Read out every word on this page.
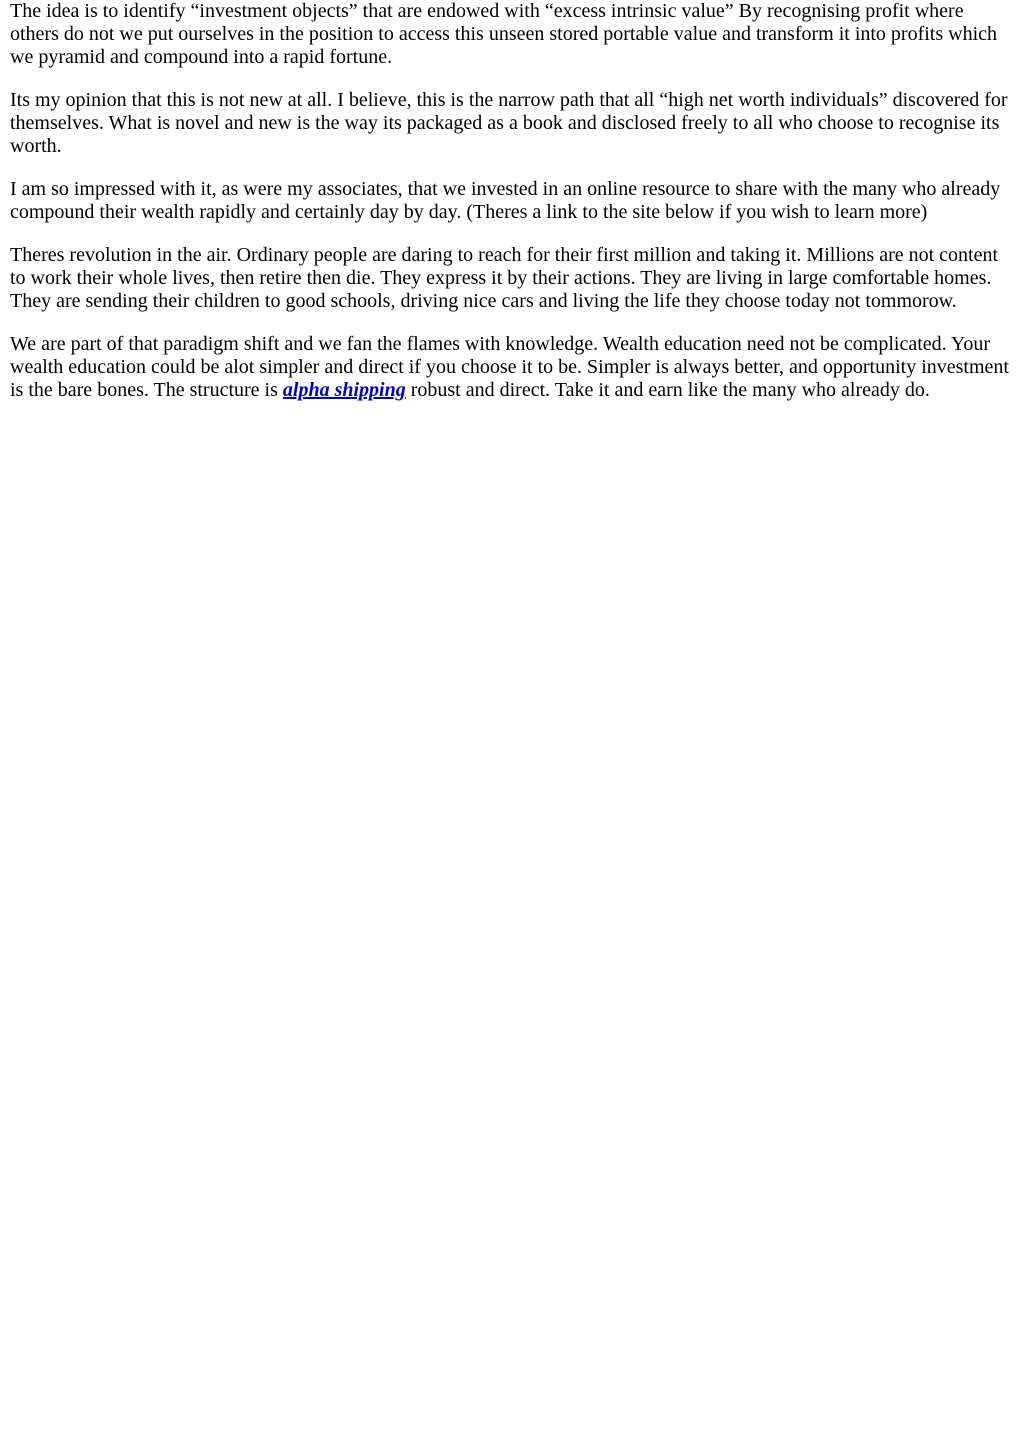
The idea is to identify “investment objects” that are endowed with “excess intrinsic value” By recognising profit where others do not we put ourselves in the position to access this unseen stored portable value and transform it into profits which we pyramid and compound into a rapid fortune.

Its my opinion that this is not new at all. I believe, this is the narrow path that all “high net worth individuals” discovered for themselves. What is novel and new is the way its packaged as a book and disclosed freely to all who choose to recognise its worth.

I am so impressed with it, as were my associates, that we invested in an online resource to share with the many who already compound their wealth rapidly and certainly day by day. (Theres a link to the site below if you wish to learn more)

Theres revolution in the air. Ordinary people are daring to reach for their first million and taking it. Millions are not content to work their whole lives, then retire then die. They express it by their actions. They are living in large comfortable homes. They are sending their children to good schools, driving nice cars and living the life they choose today not tommorow.

We are part of that paradigm shift and we fan the flames with knowledge. Wealth education need not be complicated. Your wealth education could be alot simpler and direct if you choose it to be. Simpler is always better, and opportunity investment is the bare bones. The structure is alpha shipping robust and direct. Take it and earn like the many who already do.
